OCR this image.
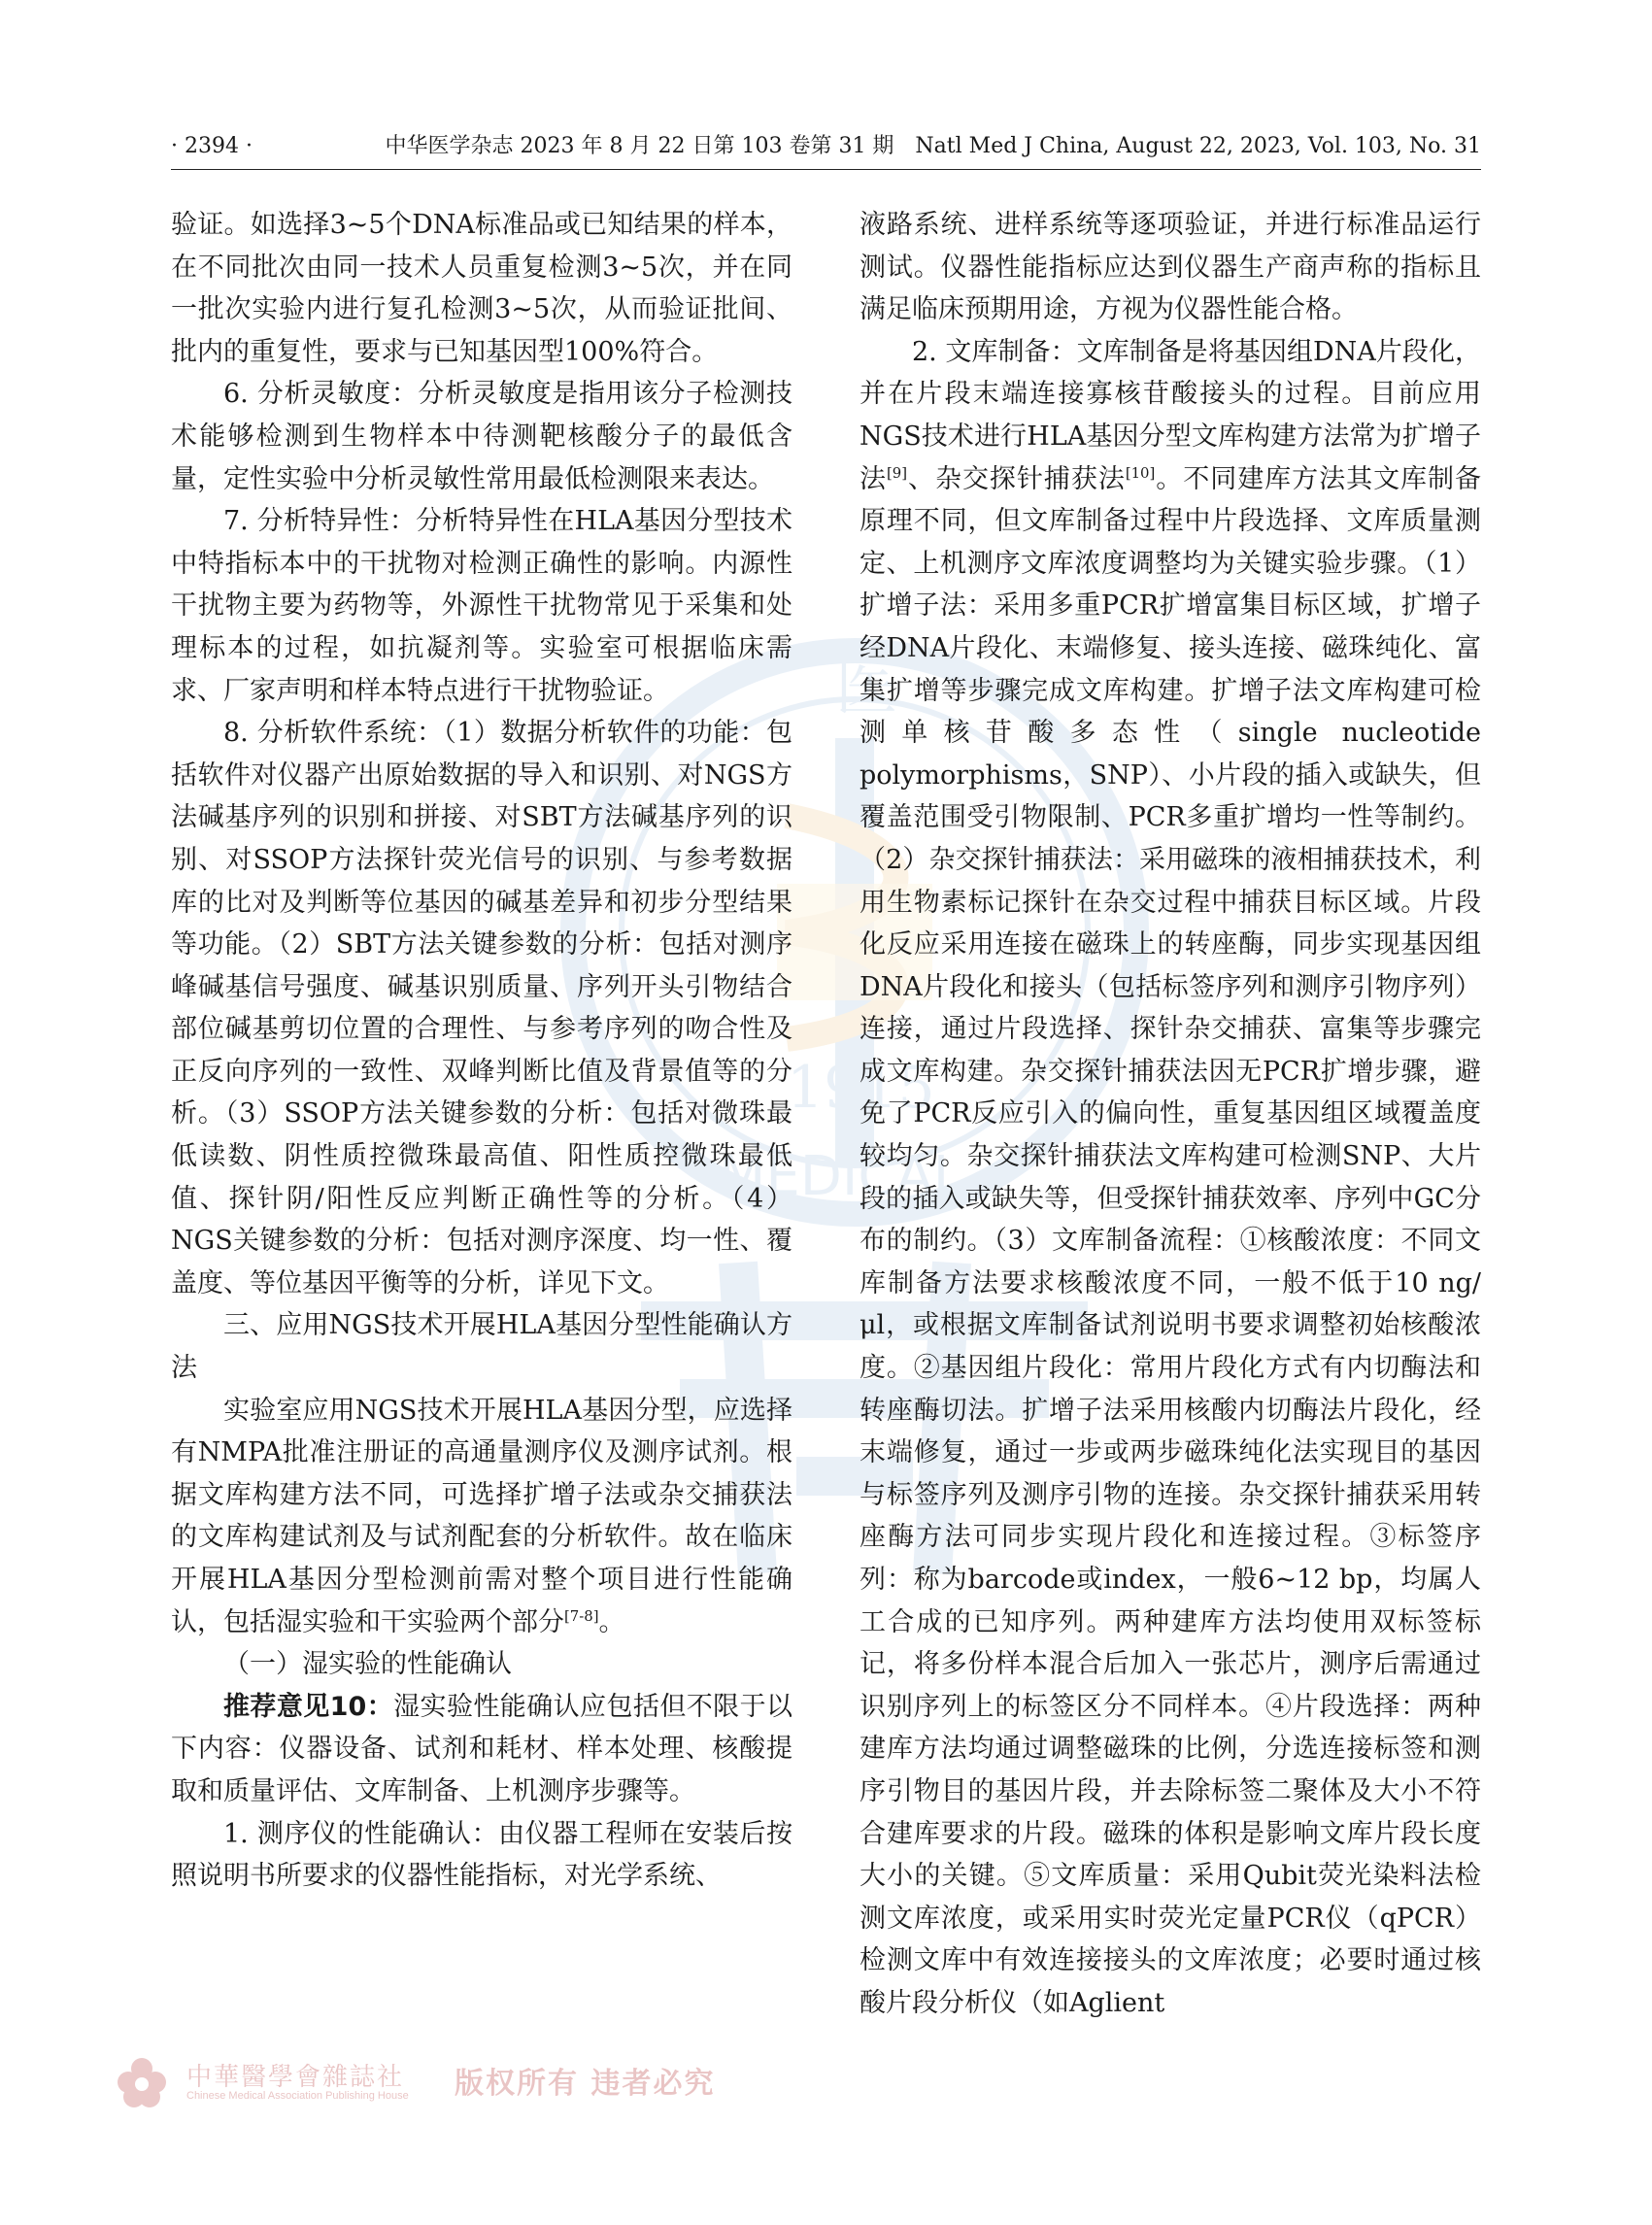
医
1915
MEDICAL
· 2394 ·	中华医学杂志 2023 年 8 月 22 日第 103 卷第 31 期　Natl Med J China, August 22, 2023, Vol. 103, No. 31

验证。如选择3~5个DNA标准品或已知结果的样本，在不同批次由同一技术人员重复检测3~5次，并在同一批次实验内进行复孔检测3~5次，从而验证批间、批内的重复性，要求与已知基因型100%符合。

6. 分析灵敏度：分析灵敏度是指用该分子检测技术能够检测到生物样本中待测靶核酸分子的最低含量，定性实验中分析灵敏性常用最低检测限来表达。

7. 分析特异性：分析特异性在HLA基因分型技术中特指标本中的干扰物对检测正确性的影响。内源性干扰物主要为药物等，外源性干扰物常见于采集和处理标本的过程，如抗凝剂等。实验室可根据临床需求、厂家声明和样本特点进行干扰物验证。

8. 分析软件系统：（1）数据分析软件的功能：包括软件对仪器产出原始数据的导入和识别、对NGS方法碱基序列的识别和拼接、对SBT方法碱基序列的识别、对SSOP方法探针荧光信号的识别、与参考数据库的比对及判断等位基因的碱基差异和初步分型结果等功能。（2）SBT方法关键参数的分析：包括对测序峰碱基信号强度、碱基识别质量、序列开头引物结合部位碱基剪切位置的合理性、与参考序列的吻合性及正反向序列的一致性、双峰判断比值及背景值等的分析。（3）SSOP方法关键参数的分析：包括对微珠最低读数、阴性质控微珠最高值、阳性质控微珠最低值、探针阴/阳性反应判断正确性等的分析。（4）NGS关键参数的分析：包括对测序深度、均一性、覆盖度、等位基因平衡等的分析，详见下文。

三、应用NGS技术开展HLA基因分型性能确认方法

实验室应用NGS技术开展HLA基因分型，应选择有NMPA批准注册证的高通量测序仪及测序试剂。根据文库构建方法不同，可选择扩增子法或杂交捕获法的文库构建试剂及与试剂配套的分析软件。故在临床开展HLA基因分型检测前需对整个项目进行性能确认，包括湿实验和干实验两个部分[7-8]。

（一）湿实验的性能确认

推荐意见10：湿实验性能确认应包括但不限于以下内容：仪器设备、试剂和耗材、样本处理、核酸提取和质量评估、文库制备、上机测序步骤等。

1. 测序仪的性能确认：由仪器工程师在安装后按照说明书所要求的仪器性能指标，对光学系统、

液路系统、进样系统等逐项验证，并进行标准品运行测试。仪器性能指标应达到仪器生产商声称的指标且满足临床预期用途，方视为仪器性能合格。

2. 文库制备：文库制备是将基因组DNA片段化，并在片段末端连接寡核苷酸接头的过程。目前应用NGS技术进行HLA基因分型文库构建方法常为扩增子法[9]、杂交探针捕获法[10]。不同建库方法其文库制备原理不同，但文库制备过程中片段选择、文库质量测定、上机测序文库浓度调整均为关键实验步骤。（1）扩增子法：采用多重PCR扩增富集目标区域，扩增子经DNA片段化、末端修复、接头连接、磁珠纯化、富集扩增等步骤完成文库构建。扩增子法文库构建可检测单核苷酸多态性（single nucleotide polymorphisms，SNP）、小片段的插入或缺失，但覆盖范围受引物限制、PCR多重扩增均一性等制约。（2）杂交探针捕获法：采用磁珠的液相捕获技术，利用生物素标记探针在杂交过程中捕获目标区域。片段化反应采用连接在磁珠上的转座酶，同步实现基因组DNA片段化和接头（包括标签序列和测序引物序列）连接，通过片段选择、探针杂交捕获、富集等步骤完成文库构建。杂交探针捕获法因无PCR扩增步骤，避免了PCR反应引入的偏向性，重复基因组区域覆盖度较均匀。杂交探针捕获法文库构建可检测SNP、大片段的插入或缺失等，但受探针捕获效率、序列中GC分布的制约。（3）文库制备流程：①核酸浓度：不同文库制备方法要求核酸浓度不同，一般不低于10 ng/μl，或根据文库制备试剂说明书要求调整初始核酸浓度。②基因组片段化：常用片段化方式有内切酶法和转座酶切法。扩增子法采用核酸内切酶法片段化，经末端修复，通过一步或两步磁珠纯化法实现目的基因与标签序列及测序引物的连接。杂交探针捕获采用转座酶方法可同步实现片段化和连接过程。③标签序列：称为barcode或index，一般6~12 bp，均属人工合成的已知序列。两种建库方法均使用双标签标记，将多份样本混合后加入一张芯片，测序后需通过识别序列上的标签区分不同样本。④片段选择：两种建库方法均通过调整磁珠的比例，分选连接标签和测序引物目的基因片段，并去除标签二聚体及大小不符合建库要求的片段。磁珠的体积是影响文库片段长度大小的关键。⑤文库质量：采用Qubit荧光染料法检测文库浓度，或采用实时荧光定量PCR仪（qPCR）检测文库中有效连接接头的文库浓度；必要时通过核酸片段分析仪（如Aglient

中華醫學會雜誌社
Chinese Medical Association Publishing House 版权所有 违者必究
